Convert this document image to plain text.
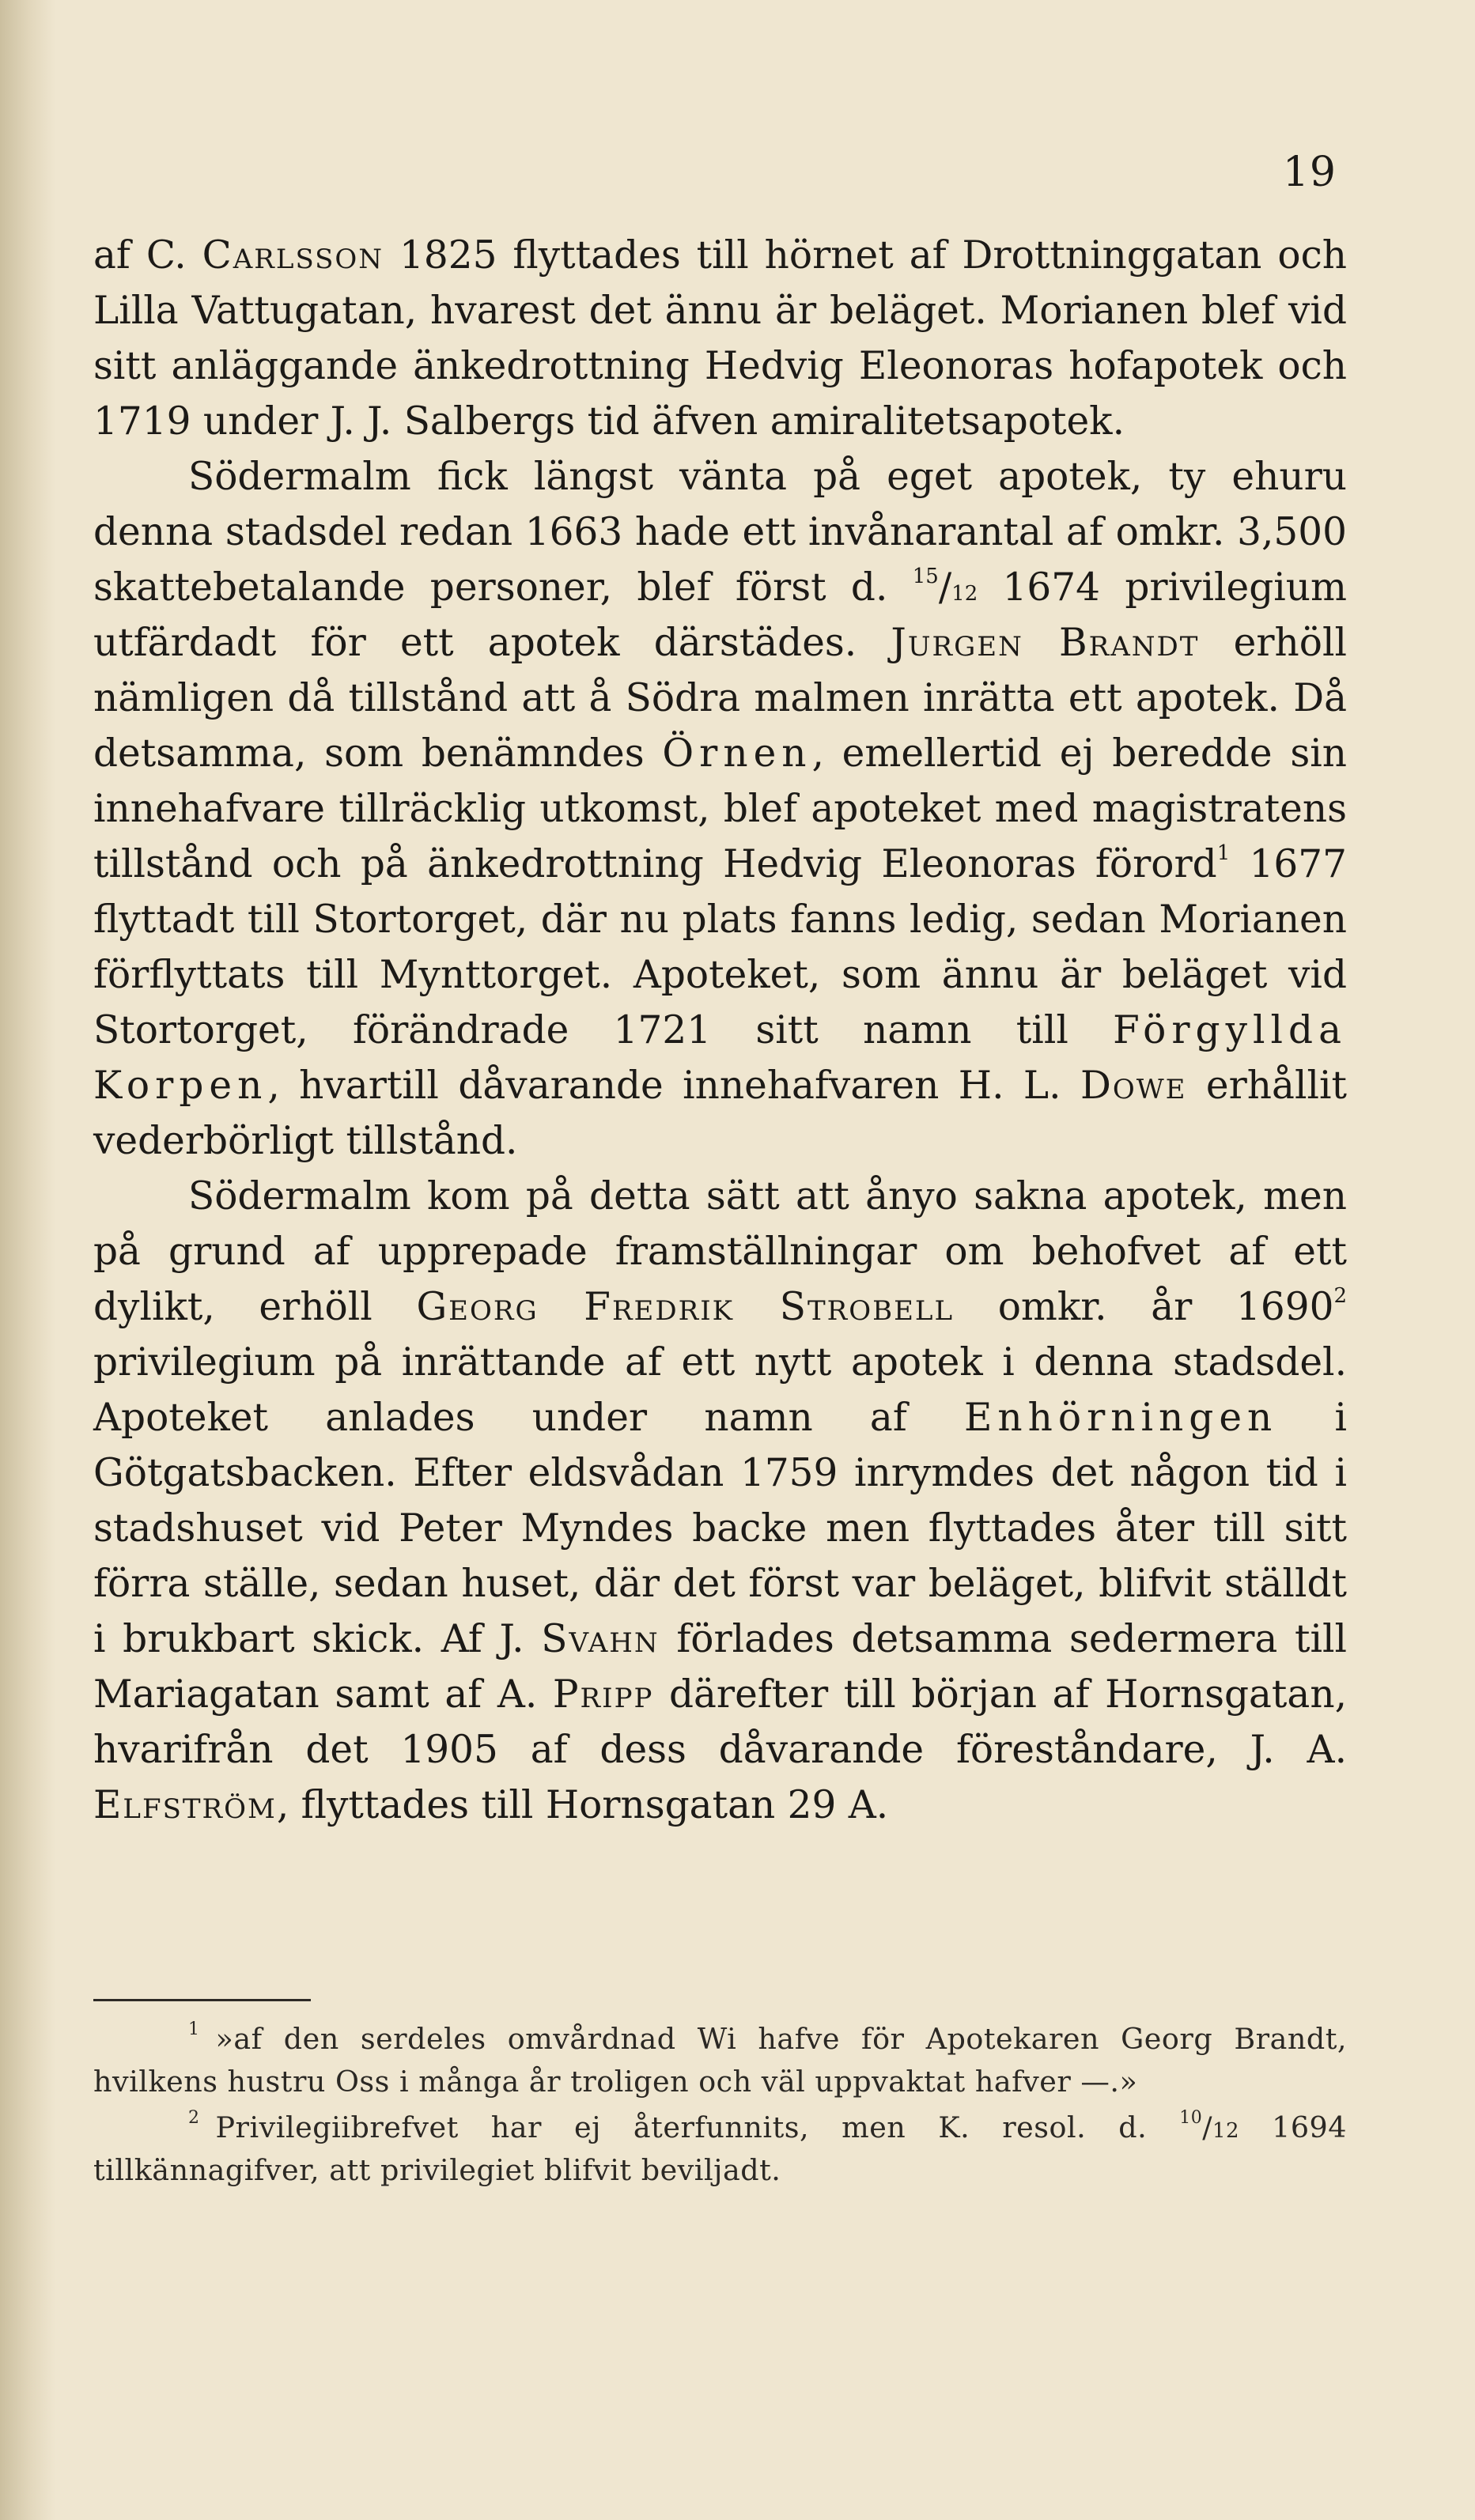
19

af C. Carlsson 1825 flyttades till hörnet af Drottninggatan och Lilla Vattugatan, hvarest det ännu är beläget. Morianen blef vid sitt anläggande änkedrottning Hedvig Eleonoras hofapotek och 1719 under J. J. Salbergs tid äfven amiralitetsapotek.

Södermalm fick längst vänta på eget apotek, ty ehuru denna stadsdel redan 1663 hade ett invånarantal af omkr. 3,500 skattebetalande personer, blef först d. $^{15}$/12 1674 privilegium utfärdadt för ett apotek därstädes. Jurgen Brandt erhöll nämligen då tillstånd att å Södra malmen inrätta ett apotek. Då detsamma, som benämndes Örnen, emellertid ej beredde sin innehafvare tillräcklig utkomst, blef apoteket med magistratens tillstånd och på änkedrottning Hedvig Eleonoras förord$^1$ 1677 flyttadt till Stortorget, där nu plats fanns ledig, sedan Morianen förflyttats till Mynttorget. Apoteket, som ännu är beläget vid Stortorget, förändrade 1721 sitt namn till Förgyllda Korpen, hvartill dåvarande innehafvaren H. L. Dowe erhållit vederbörligt tillstånd.

Södermalm kom på detta sätt att ånyo sakna apotek, men på grund af upprepade framställningar om behofvet af ett dylikt, erhöll Georg Fredrik Strobell omkr. år 1690$^2$ privilegium på inrättande af ett nytt apotek i denna stadsdel. Apoteket anlades under namn af Enhörningen i Götgatsbacken. Efter eldsvådan 1759 inrymdes det någon tid i stadshuset vid Peter Myndes backe men flyttades åter till sitt förra ställe, sedan huset, där det först var beläget, blifvit ställdt i brukbart skick. Af J. Svahn förlades detsamma sedermera till Mariagatan samt af A. Pripp därefter till början af Hornsgatan, hvarifrån det 1905 af dess dåvarande föreståndare, J. A. Elfström, flyttades till Hornsgatan 29 A.

$^1$ »af den serdeles omvårdnad Wi hafve för Apotekaren Georg Brandt, hvilkens hustru Oss i många år troligen och väl uppvaktat hafver —.»

$^2$ Privilegiibrefvet har ej återfunnits, men K. resol. d. $^{10}$/12 1694 tillkännagifver, att privilegiet blifvit beviljadt.
